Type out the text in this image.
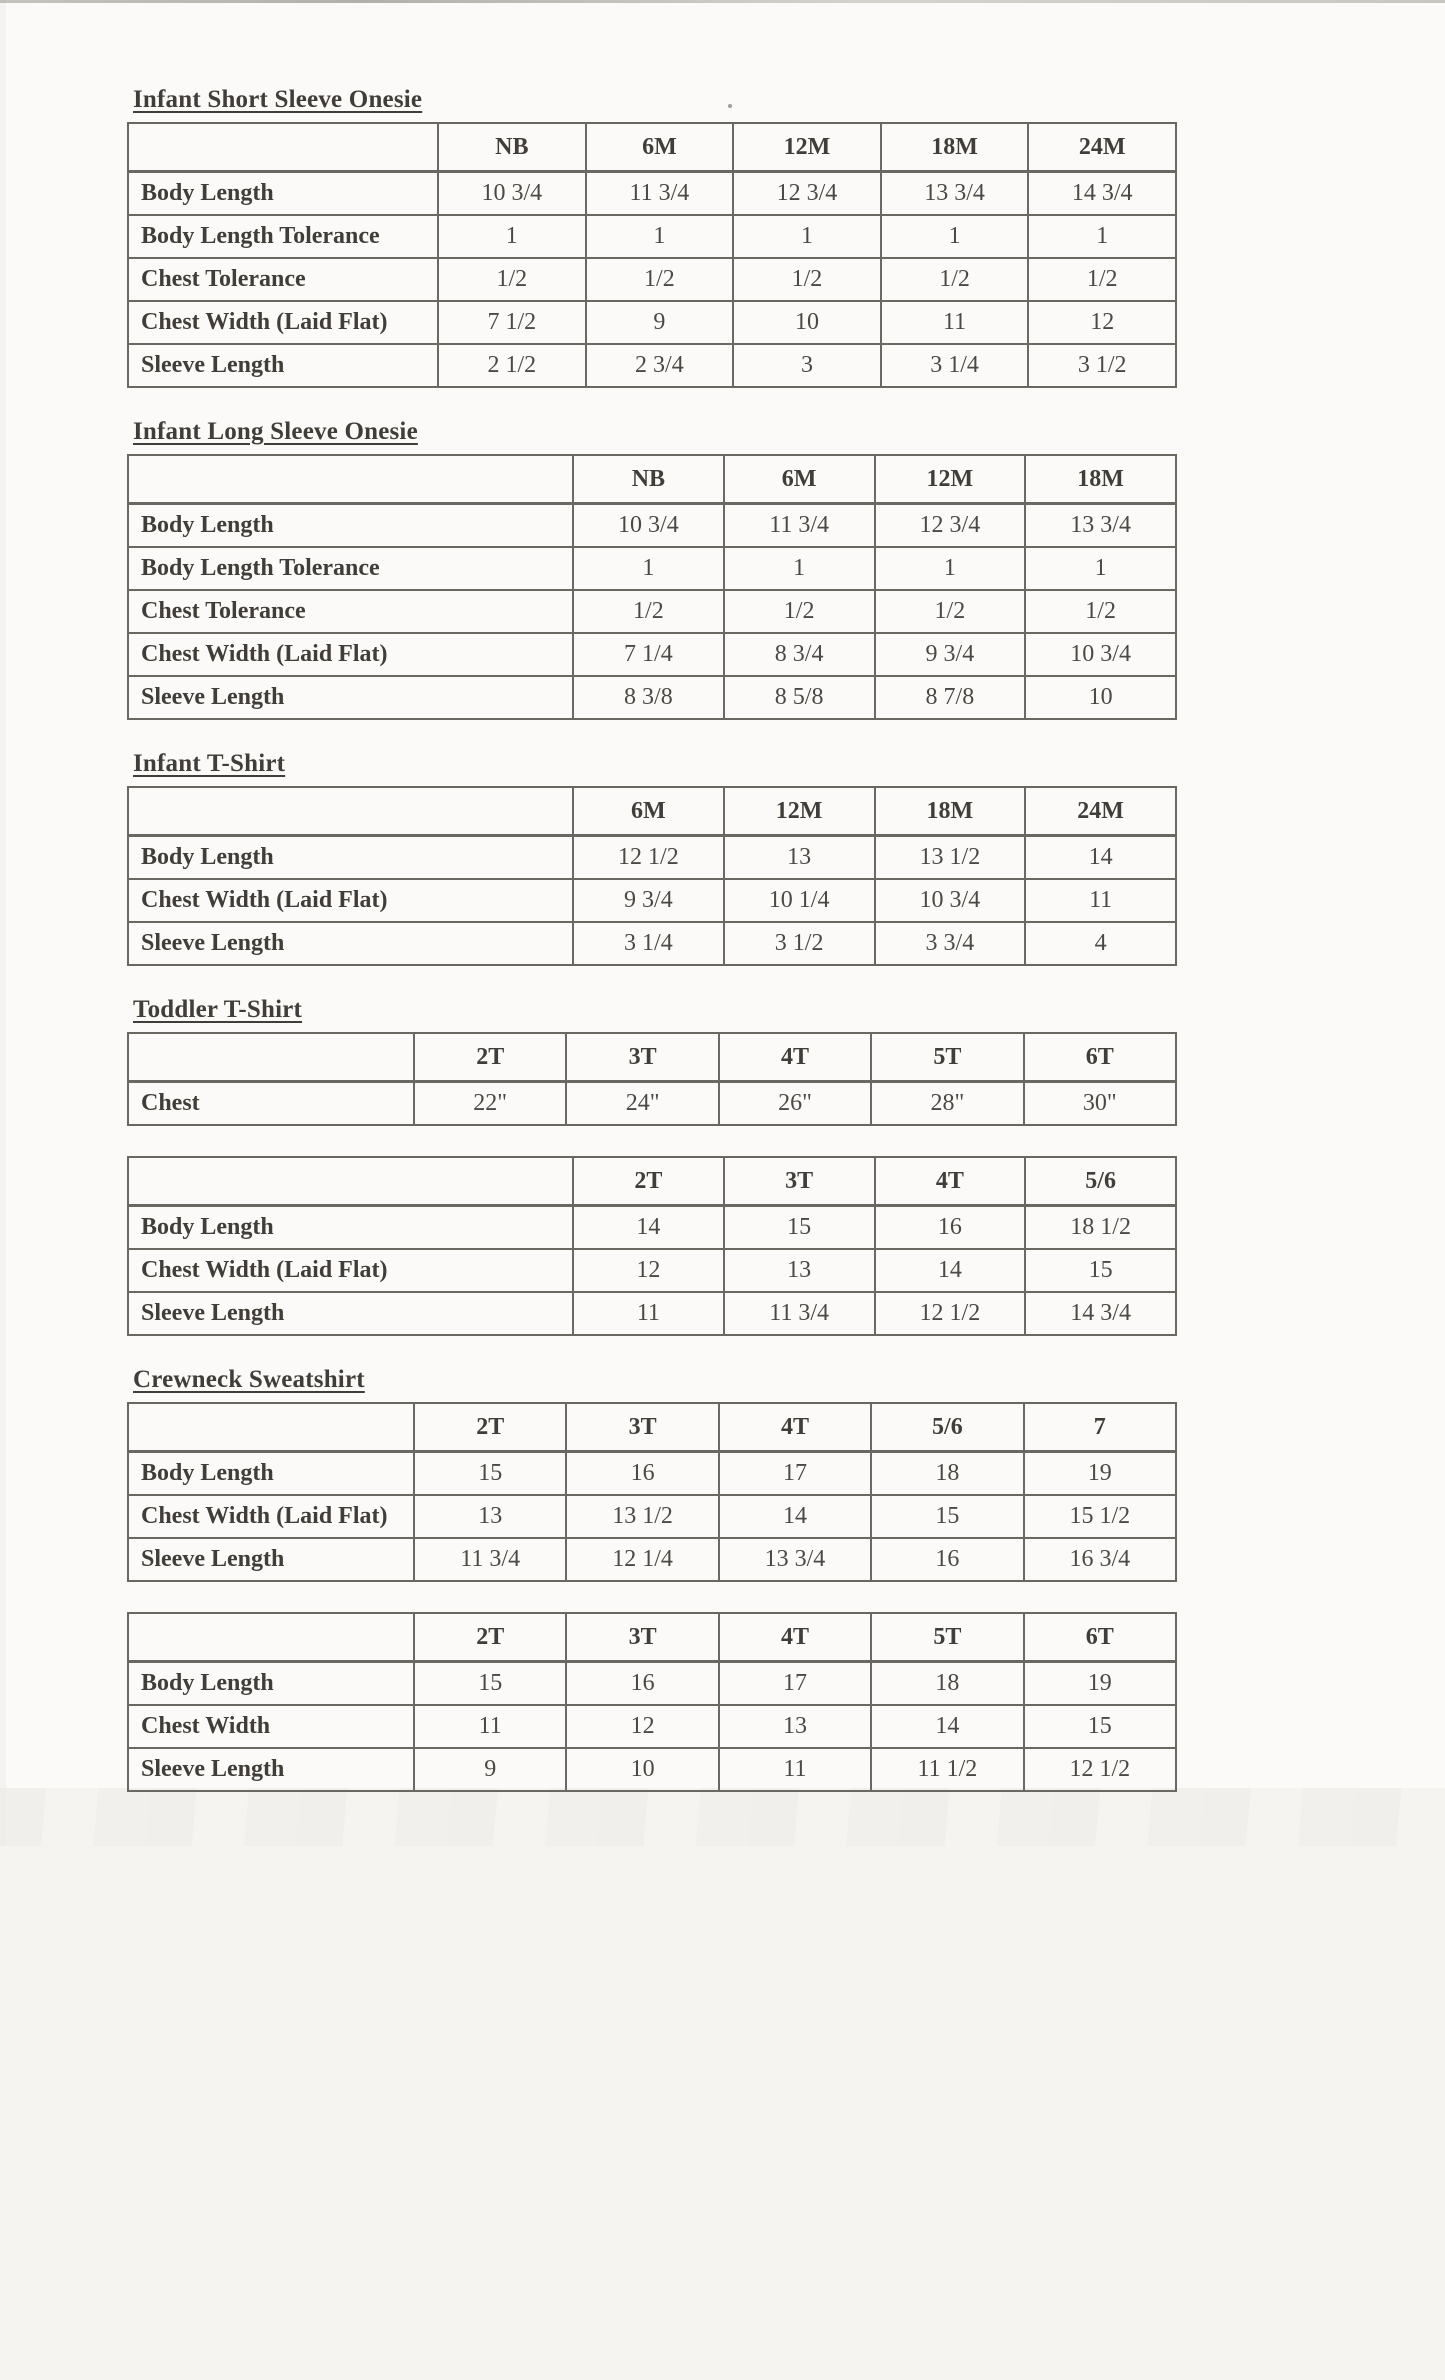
Infant Short Sleeve Onesie
	NB	6M	12M	18M	24M
Body Length	10 3/4	11 3/4	12 3/4	13 3/4	14 3/4
Body Length Tolerance	1	1	1	1	1
Chest Tolerance	1/2	1/2	1/2	1/2	1/2
Chest Width (Laid Flat)	7 1/2	9	10	11	12
Sleeve Length	2 1/2	2 3/4	3	3 1/4	3 1/2
Infant Long Sleeve Onesie
	NB	6M	12M	18M
Body Length	10 3/4	11 3/4	12 3/4	13 3/4
Body Length Tolerance	1	1	1	1
Chest Tolerance	1/2	1/2	1/2	1/2
Chest Width (Laid Flat)	7 1/4	8 3/4	9 3/4	10 3/4
Sleeve Length	8 3/8	8 5/8	8 7/8	10
Infant T-Shirt
	6M	12M	18M	24M
Body Length	12 1/2	13	13 1/2	14
Chest Width (Laid Flat)	9 3/4	10 1/4	10 3/4	11
Sleeve Length	3 1/4	3 1/2	3 3/4	4
Toddler T-Shirt
	2T	3T	4T	5T	6T
Chest	22"	24"	26"	28"	30"
	2T	3T	4T	5/6
Body Length	14	15	16	18 1/2
Chest Width (Laid Flat)	12	13	14	15
Sleeve Length	11	11 3/4	12 1/2	14 3/4
Crewneck Sweatshirt
	2T	3T	4T	5/6	7
Body Length	15	16	17	18	19
Chest Width (Laid Flat)	13	13 1/2	14	15	15 1/2
Sleeve Length	11 3/4	12 1/4	13 3/4	16	16 3/4
	2T	3T	4T	5T	6T
Body Length	15	16	17	18	19
Chest Width	11	12	13	14	15
Sleeve Length	9	10	11	11 1/2	12 1/2
